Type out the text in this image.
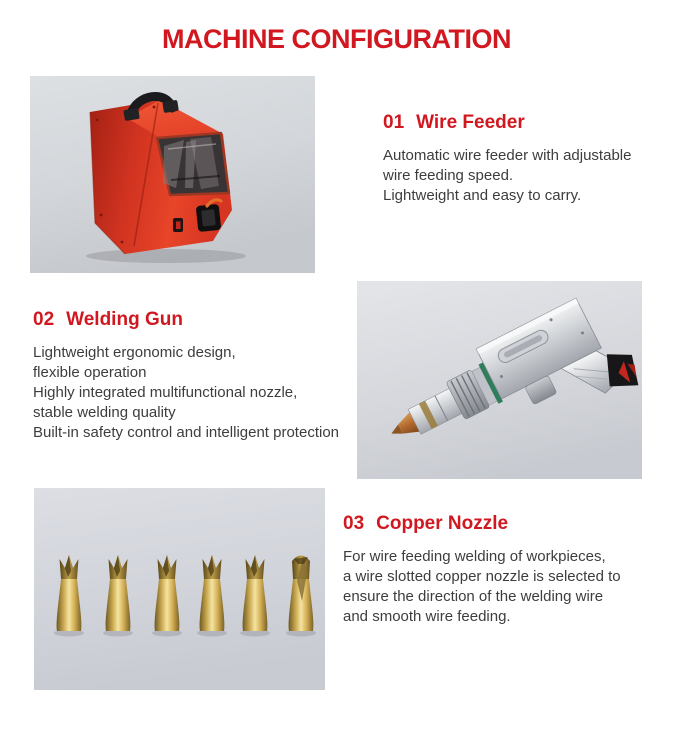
MACHINE CONFIGURATION
01 Wire Feeder

Automatic wire feeder with adjustable
wire feeding speed.
Lightweight and easy to carry.

02 Welding Gun

Lightweight ergonomic design,
flexible operation
Highly integrated multifunctional nozzle,
stable welding quality
Built-in safety control and intelligent protection

03 Copper Nozzle

For wire feeding welding of workpieces,
a wire slotted copper nozzle is selected to
ensure the direction of the welding wire
and smooth wire feeding.
